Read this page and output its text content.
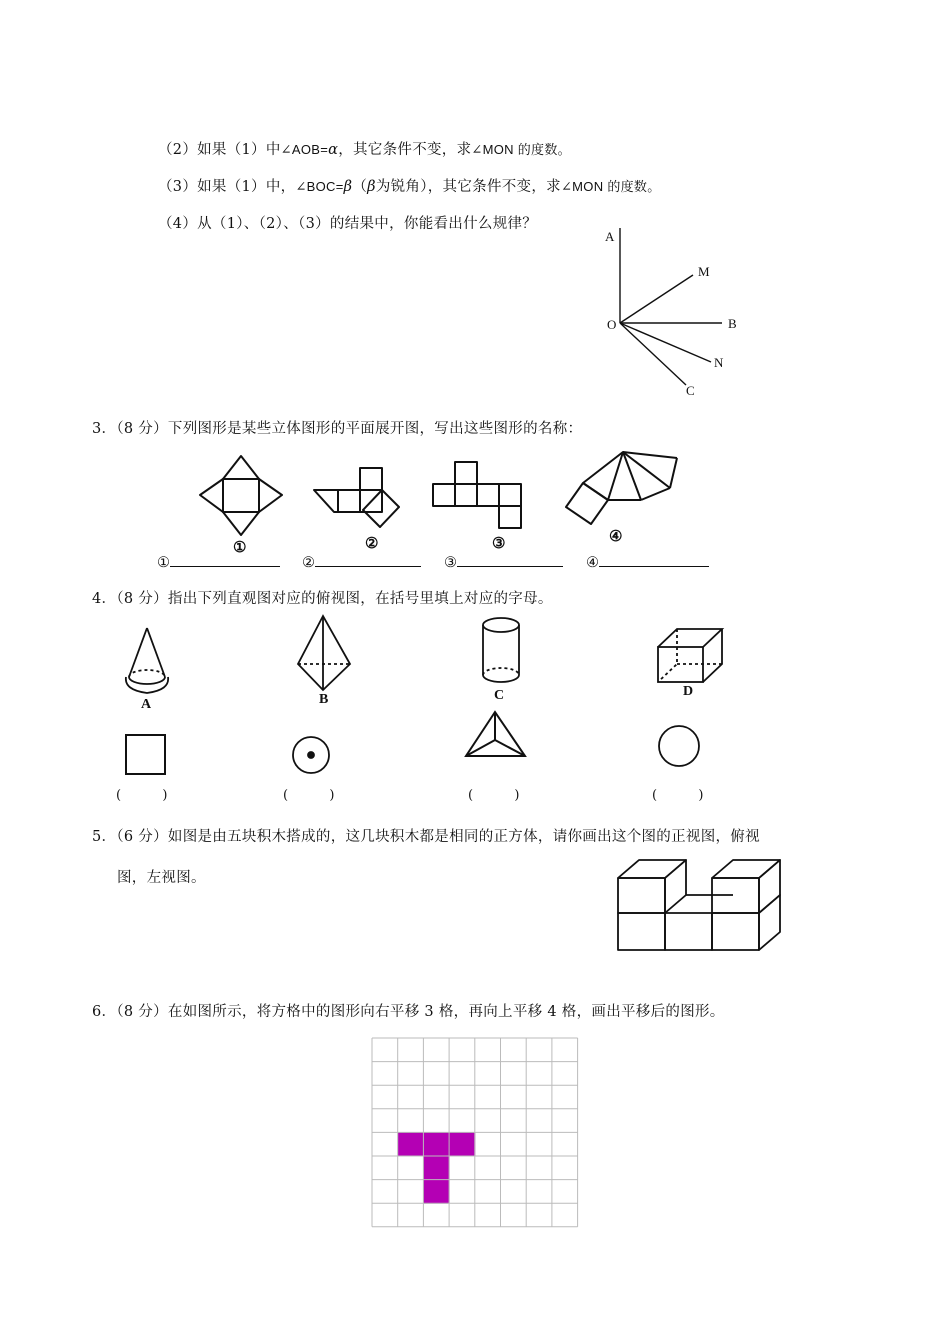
（2）如果（1）中∠AOB=α，其它条件不变，求∠MON 的度数。
（3）如果（1）中，∠BOC=β（β为锐角），其它条件不变，求∠MON 的度数。
（4）从（1）、（2）、（3）的结果中，你能看出什么规律？
A
M
O	B
N
C
3．（8 分）下列图形是某些立体图形的平面展开图，写出这些图形的名称：
①	②	③	④
①	②	③	④
4．（8 分）指出下列直观图对应的俯视图，在括号里填上对应的字母。
A	B	C	D
(          )	(          )	(          )	(          )
5．（6 分）如图是由五块积木搭成的，这几块积木都是相同的正方体，请你画出这个图的正视图，俯视
图，左视图。
6．（8 分）在如图所示，将方格中的图形向右平移 3 格，再向上平移 4 格，画出平移后的图形。
